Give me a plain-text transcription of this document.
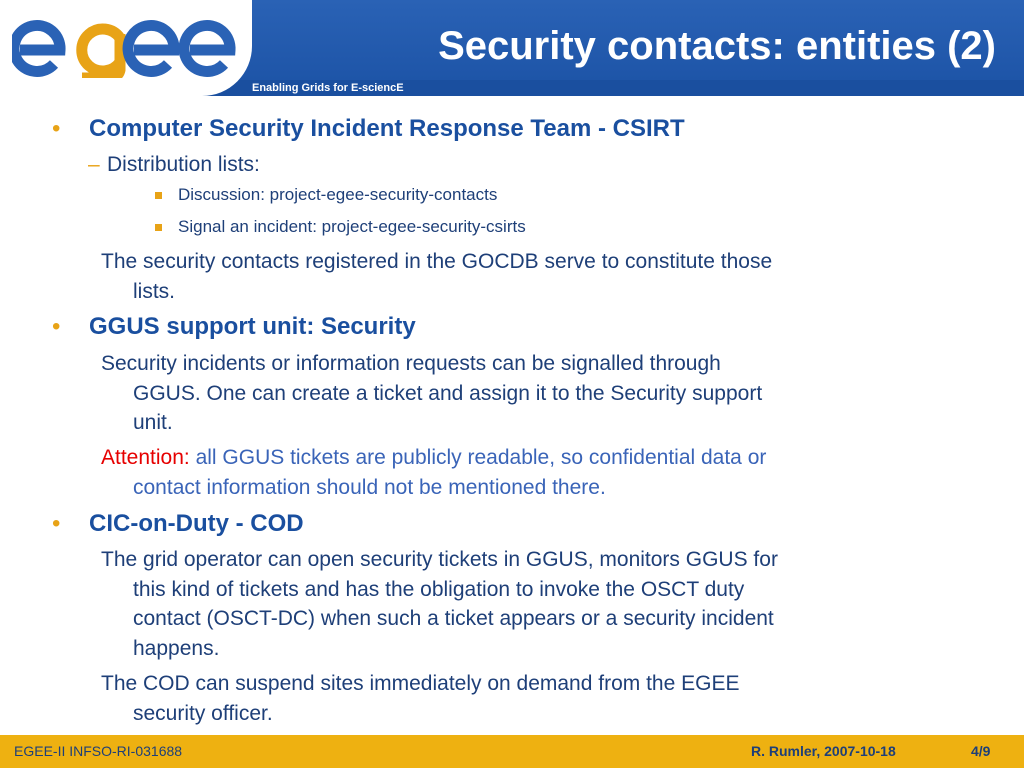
Enabling Grids for E-sciencE
Security contacts: entities (2)
• Computer Security Incident Response Team - CSIRT
– Distribution lists:
Discussion: project-egee-security-contacts
Signal an incident: project-egee-security-csirts

The security contacts registered in the GOCDB serve to constitute those
lists.

• GGUS support unit: Security

Security incidents or information requests can be signalled through
GGUS. One can create a ticket and assign it to the Security support
unit.

Attention: all GGUS tickets are publicly readable, so confidential data or
contact information should not be mentioned there.

• CIC-on-Duty - COD

The grid operator can open security tickets in GGUS, monitors GGUS for
this kind of tickets and has the obligation to invoke the OSCT duty
contact (OSCT-DC) when such a ticket appears or a security incident
happens.

The COD can suspend sites immediately on demand from the EGEE
security officer.

EGEE-II INFSO-RI-031688	R. Rumler, 2007-10-18	4/9
